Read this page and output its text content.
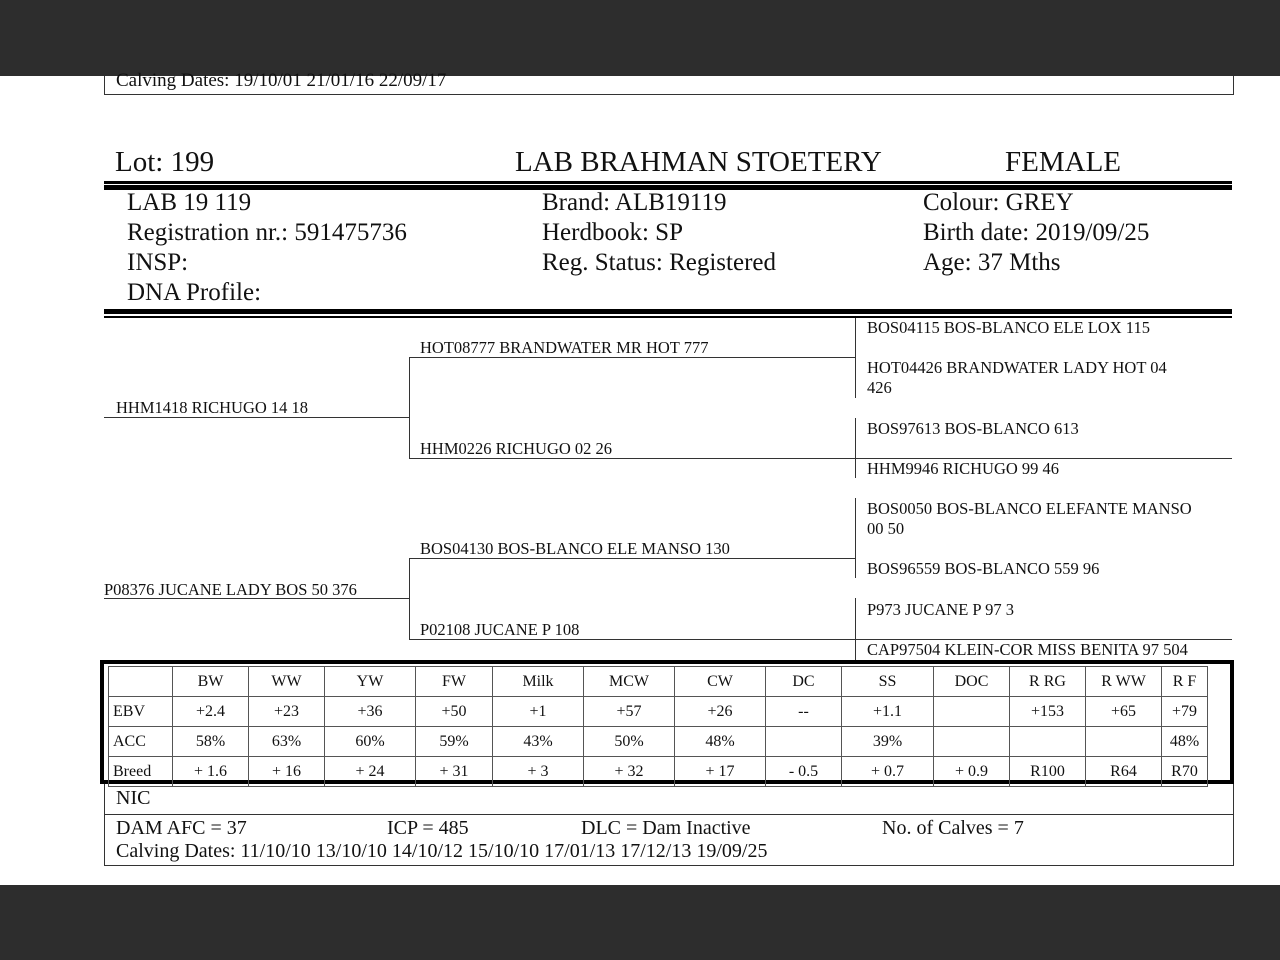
Calving Dates: 19/10/01 21/01/16 22/09/17
Lot: 199	LAB BRAHMAN STOETERY	FEMALE
LAB 19 119
Registration nr.: 591475736
INSP:
DNA Profile:
Brand: ALB19119
Herdbook: SP
Reg. Status: Registered
Colour: GREY
Birth date: 2019/09/25
Age: 37 Mths
HHM1418 RICHUGO 14 18
P08376 JUCANE LADY BOS 50 376
HOT08777 BRANDWATER MR HOT 777
HHM0226 RICHUGO 02 26
BOS04130 BOS-BLANCO ELE MANSO 130
P02108 JUCANE P 108
BOS04115 BOS-BLANCO ELE LOX 115
HOT04426 BRANDWATER LADY HOT 04
426
BOS97613 BOS-BLANCO 613
HHM9946 RICHUGO 99 46
BOS0050 BOS-BLANCO ELEFANTE MANSO
00 50
BOS96559 BOS-BLANCO 559 96
P973 JUCANE P 97 3
CAP97504 KLEIN-COR MISS BENITA 97 504
	BW	WW	YW	FW	Milk	MCW	CW	DC	SS	DOC	R RG	R WW	R F
EBV	+2.4	+23	+36	+50	+1	+57	+26	--	+1.1		+153	+65	+79
ACC	58%	63%	60%	59%	43%	50%	48%		39%				48%
Breed	+ 1.6	+ 16	+ 24	+ 31	+ 3	+ 32	+ 17	- 0.5	+ 0.7	+ 0.9	R100	R64	R70
NIC
DAM AFC = 37	ICP = 485	DLC = Dam Inactive	No. of Calves = 7
Calving Dates: 11/10/10 13/10/10 14/10/12 15/10/10 17/01/13 17/12/13 19/09/25
